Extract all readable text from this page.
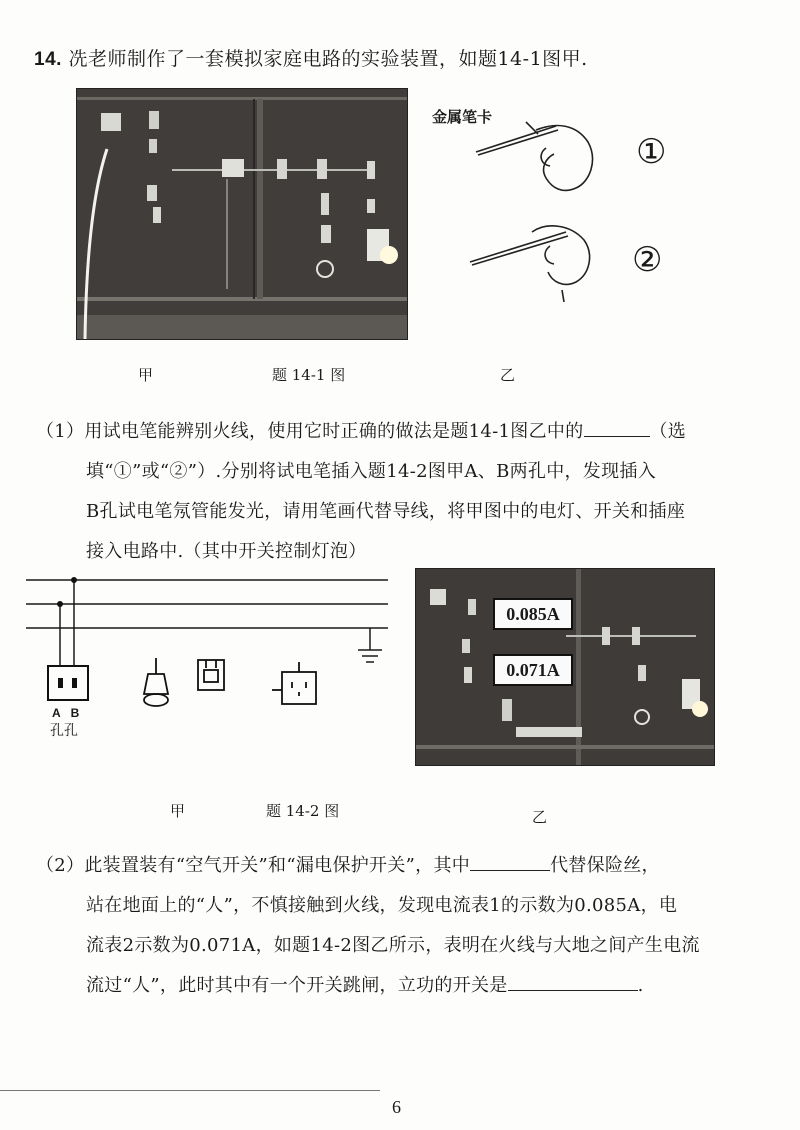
14. 冼老师制作了一套模拟家庭电路的实验装置，如题14-1图甲.
金属笔卡
①
②
甲	题 14-1 图	乙
（1）用试电笔能辨别火线，使用它时正确的做法是题14-1图乙中的	（选
填“①”或“②”）.分别将试电笔插入题14-2图甲A、B两孔中，发现插入
B孔试电笔氖管能发光，请用笔画代替导线，将甲图中的电灯、开关和插座
接入电路中.（其中开关控制灯泡）
AB
孔孔
0.085A
0.071A
甲	题 14-2 图	乙
（2）此装置装有“空气开关”和“漏电保护开关”，其中	代替保险丝，
站在地面上的“人”，不慎接触到火线，发现电流表1的示数为0.085A，电
流表2示数为0.071A，如题14-2图乙所示，表明在火线与大地之间产生电流
流过“人”，此时其中有一个开关跳闸，立功的开关是	.
6
